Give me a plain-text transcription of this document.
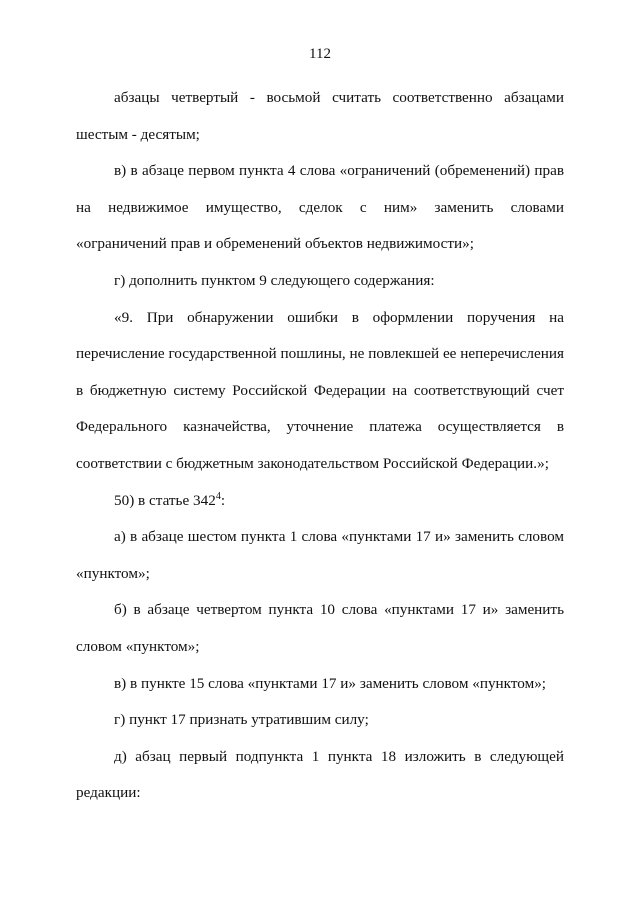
112

абзацы четвертый - восьмой считать соответственно абзацами шестым - десятым;

в) в абзаце первом пункта 4 слова «ограничений (обременений) прав на недвижимое имущество, сделок с ним» заменить словами «ограничений прав и обременений объектов недвижимости»;

г) дополнить пунктом 9 следующего содержания:

«9. При обнаружении ошибки в оформлении поручения на перечисление государственной пошлины, не повлекшей ее неперечисления в бюджетную систему Российской Федерации на соответствующий счет Федерального казначейства, уточнение платежа осуществляется в соответствии с бюджетным законодательством Российской Федерации.»;

50) в статье $342^4$:

а) в абзаце шестом пункта 1 слова «пунктами 17 и» заменить словом «пунктом»;

б) в абзаце четвертом пункта 10 слова «пунктами 17 и» заменить словом «пунктом»;

в) в пункте 15 слова «пунктами 17 и» заменить словом «пунктом»;

г) пункт 17 признать утратившим силу;

д) абзац первый подпункта 1 пункта 18 изложить в следующей редакции:
